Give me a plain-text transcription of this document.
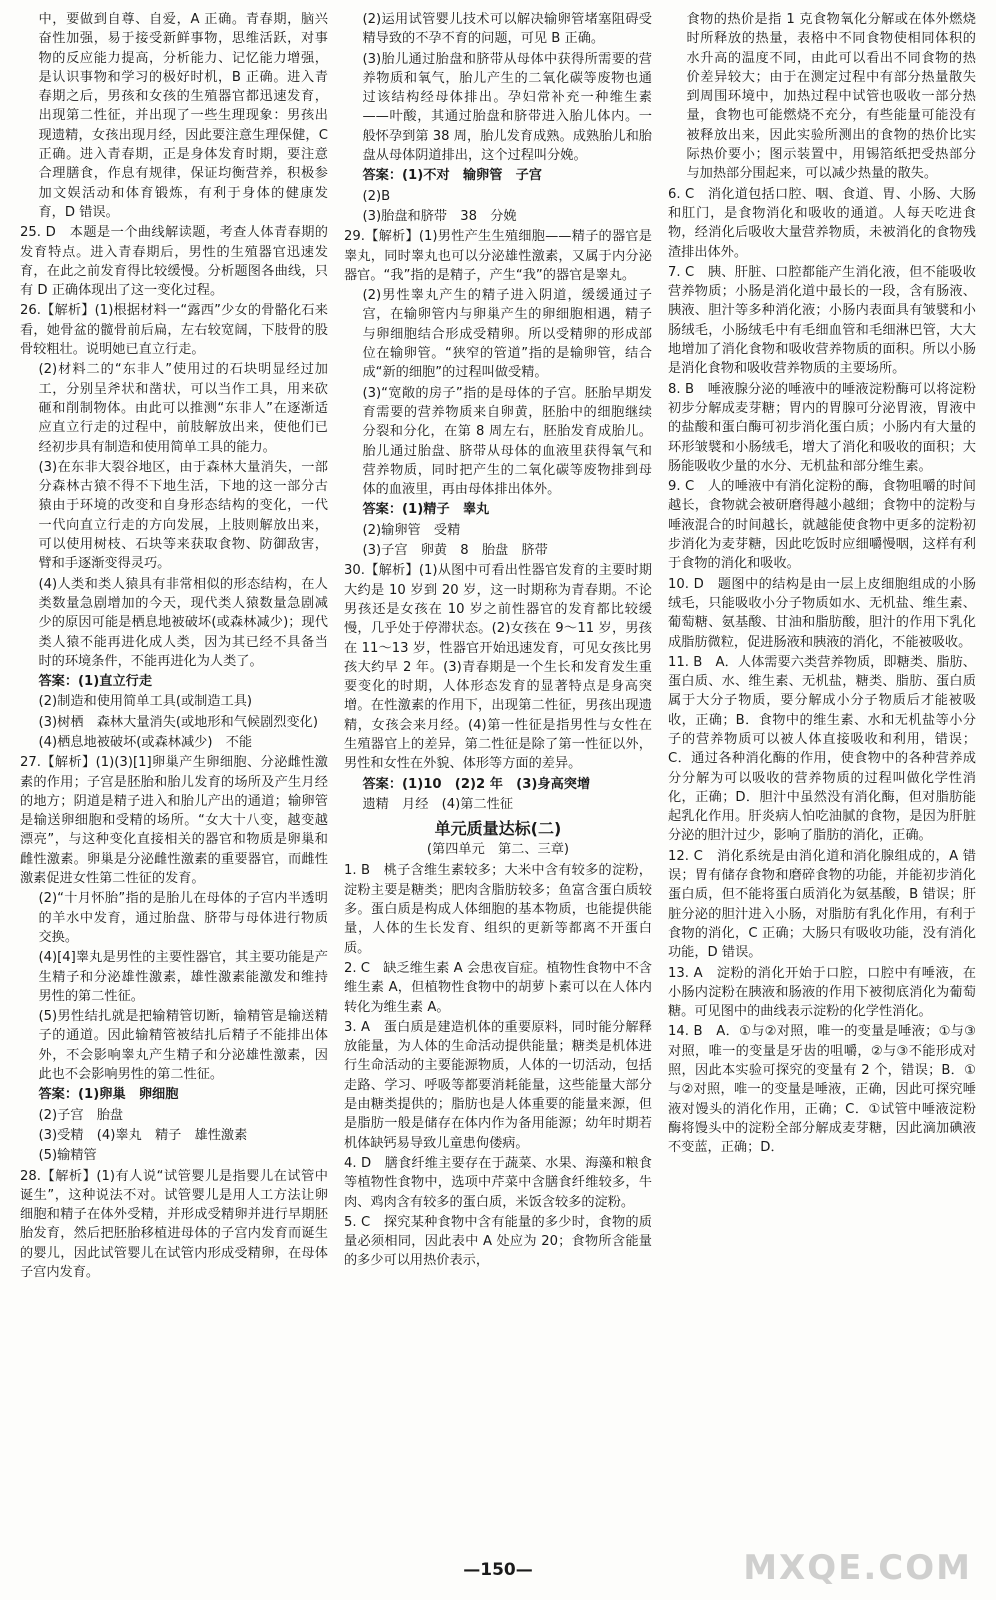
中，要做到自尊、自爱，A 正确。青春期，脑兴奋性加强，易于接受新鲜事物，思维活跃，对事物的反应能力提高，分析能力、记忆能力增强，是认识事物和学习的极好时机，B 正确。进入青春期之后，男孩和女孩的生殖器官都迅速发育，出现第二性征，并出现了一些生理现象：男孩出现遗精，女孩出现月经，因此要注意生理保健，C 正确。进入青春期，正是身体发育时期，要注意合理膳食，作息有规律，保证均衡营养，积极参加文娱活动和体育锻炼，有利于身体的健康发育，D 错误。

25. D　本题是一个曲线解读题，考查人体青春期的发育特点。进入青春期后，男性的生殖器官迅速发育，在此之前发育得比较缓慢。分析题图各曲线，只有 D 正确体现出了这一变化过程。

26.【解析】(1)根据材料一“露西”少女的骨骼化石来看，她骨盆的髋骨前后扁，左右较宽阔，下肢骨的股骨较粗壮。说明她已直立行走。

(2)材料二的“东非人”使用过的石块明显经过加工，分别呈斧状和凿状，可以当作工具，用来砍砸和削制物体。由此可以推测“东非人”在逐渐适应直立行走的过程中，前肢解放出来，使他们已经初步具有制造和使用简单工具的能力。

(3)在东非大裂谷地区，由于森林大量消失，一部分森林古猿不得不下地生活，下地的这一部分古猿由于环境的改变和自身形态结构的变化，一代一代向直立行走的方向发展，上肢则解放出来，可以使用树枝、石块等来获取食物、防御敌害，臂和手逐渐变得灵巧。

(4)人类和类人猿具有非常相似的形态结构，在人类数量急剧增加的今天，现代类人猿数量急剧减少的原因可能是栖息地被破坏(或森林减少)；现代类人猿不能再进化成人类，因为其已经不具备当时的环境条件，不能再进化为人类了。

答案：(1)直立行走

(2)制造和使用简单工具(或制造工具)

(3)树栖　森林大量消失(或地形和气候剧烈变化)

(4)栖息地被破坏(或森林减少)　不能

27.【解析】(1)(3)[1]卵巢产生卵细胞、分泌雌性激素的作用；子宫是胚胎和胎儿发育的场所及产生月经的地方；阴道是精子进入和胎儿产出的通道；输卵管是输送卵细胞和受精的场所。“女大十八变，越变越漂亮”，与这种变化直接相关的器官和物质是卵巢和雌性激素。卵巢是分泌雌性激素的重要器官，而雌性激素促进女性第二性征的发育。

(2)“十月怀胎”指的是胎儿在母体的子宫内半透明的羊水中发育，通过胎盘、脐带与母体进行物质交换。

(4)[4]睾丸是男性的主要性器官，其主要功能是产生精子和分泌雄性激素，雄性激素能激发和维持男性的第二性征。

(5)男性结扎就是把输精管切断，输精管是输送精子的通道。因此输精管被结扎后精子不能排出体外，不会影响睾丸产生精子和分泌雄性激素，因此也不会影响男性的第二性征。

答案：(1)卵巢　卵细胞

(2)子宫　胎盘

(3)受精　(4)睾丸　精子　雄性激素

(5)输精管

28.【解析】(1)有人说“试管婴儿是指婴儿在试管中诞生”，这种说法不对。试管婴儿是用人工方法让卵细胞和精子在体外受精，并形成受精卵并进行早期胚胎发育，然后把胚胎移植进母体的子宫内发育而诞生的婴儿，因此试管婴儿在试管内形成受精卵，在母体子宫内发育。

(2)运用试管婴儿技术可以解决输卵管堵塞阻碍受精导致的不孕不育的问题，可见 B 正确。

(3)胎儿通过胎盘和脐带从母体中获得所需要的营养物质和氧气，胎儿产生的二氧化碳等废物也通过该结构经母体排出。孕妇常补充一种维生素——叶酸，其通过胎盘和脐带进入胎儿体内。一般怀孕到第 38 周，胎儿发育成熟。成熟胎儿和胎盘从母体阴道排出，这个过程叫分娩。

答案：(1)不对　输卵管　子宫

(2)B

(3)胎盘和脐带　38　分娩

29.【解析】(1)男性产生生殖细胞——精子的器官是睾丸，同时睾丸也可以分泌雄性激素，又属于内分泌器官。“我”指的是精子，产生“我”的器官是睾丸。

(2)男性睾丸产生的精子进入阴道，缓缓通过子宫，在输卵管内与卵巢产生的卵细胞相遇，精子与卵细胞结合形成受精卵。所以受精卵的形成部位在输卵管。“狭窄的管道”指的是输卵管，结合成“新的细胞”的过程叫做受精。

(3)“宽敞的房子”指的是母体的子宫。胚胎早期发育需要的营养物质来自卵黄，胚胎中的细胞继续分裂和分化，在第 8 周左右，胚胎发育成胎儿。胎儿通过胎盘、脐带从母体的血液里获得氧气和营养物质，同时把产生的二氧化碳等废物排到母体的血液里，再由母体排出体外。

答案：(1)精子　睾丸

(2)输卵管　受精

(3)子宫　卵黄　8　胎盘　脐带

30.【解析】(1)从图中可看出性器官发育的主要时期大约是 10 岁到 20 岁，这一时期称为青春期。不论男孩还是女孩在 10 岁之前性器官的发育都比较缓慢，几乎处于停滞状态。(2)女孩在 9～11 岁，男孩在 11～13 岁，性器官开始迅速发育，可见女孩比男孩大约早 2 年。(3)青春期是一个生长和发育发生重要变化的时期，人体形态发育的显著特点是身高突增。在性激素的作用下，出现第二性征，男孩出现遗精，女孩会来月经。(4)第一性征是指男性与女性在生殖器官上的差异，第二性征是除了第一性征以外，男性和女性在外貌、体形等方面的差异。

答案：(1)10　(2)2 年　(3)身高突增

遗精　月经　(4)第二性征

单元质量达标(二)
(第四单元　第二、三章)

1. B　桃子含维生素较多；大米中含有较多的淀粉，淀粉主要是糖类；肥肉含脂肪较多；鱼富含蛋白质较多。蛋白质是构成人体细胞的基本物质，也能提供能量，人体的生长发育、组织的更新等都离不开蛋白质。

2. C　缺乏维生素 A 会患夜盲症。植物性食物中不含维生素 A，但植物性食物中的胡萝卜素可以在人体内转化为维生素 A。

3. A　蛋白质是建造机体的重要原料，同时能分解释放能量，为人体的生命活动提供能量；糖类是机体进行生命活动的主要能源物质，人体的一切活动，包括走路、学习、呼吸等都要消耗能量，这些能量大部分是由糖类提供的；脂肪也是人体重要的能量来源，但是脂肪一般是储存在体内作为备用能源；幼年时期若机体缺钙易导致儿童患佝偻病。

4. D　膳食纤维主要存在于蔬菜、水果、海藻和粮食等植物性食物中，选项中芹菜中含膳食纤维较多，牛肉、鸡肉含有较多的蛋白质，米饭含较多的淀粉。

5. C　探究某种食物中含有能量的多少时，食物的质量必须相同，因此表中 A 处应为 20；食物所含能量的多少可以用热价表示，

食物的热价是指 1 克食物氧化分解或在体外燃烧时所释放的热量，表格中不同食物使相同体积的水升高的温度不同，由此可以看出不同食物的热价差异较大；由于在测定过程中有部分热量散失到周围环境中，加热过程中试管也吸收一部分热量，食物也可能燃烧不充分，有些能量可能没有被释放出来，因此实验所测出的食物的热价比实际热价要小；图示装置中，用锡箔纸把受热部分与加热部分围起来，可以减少热量的散失。

6. C　消化道包括口腔、咽、食道、胃、小肠、大肠和肛门，是食物消化和吸收的通道。人每天吃进食物，经消化后吸收大量营养物质，未被消化的食物残渣排出体外。

7. C　胰、肝脏、口腔都能产生消化液，但不能吸收营养物质；小肠是消化道中最长的一段，含有肠液、胰液、胆汁等多种消化液；小肠内表面具有皱襞和小肠绒毛，小肠绒毛中有毛细血管和毛细淋巴管，大大地增加了消化食物和吸收营养物质的面积。所以小肠是消化食物和吸收营养物质的主要场所。

8. B　唾液腺分泌的唾液中的唾液淀粉酶可以将淀粉初步分解成麦芽糖；胃内的胃腺可分泌胃液，胃液中的盐酸和蛋白酶可初步消化蛋白质；小肠内有大量的环形皱襞和小肠绒毛，增大了消化和吸收的面积；大肠能吸收少量的水分、无机盐和部分维生素。

9. C　人的唾液中有消化淀粉的酶，食物咀嚼的时间越长，食物就会被研磨得越小越细；食物中的淀粉与唾液混合的时间越长，就越能使食物中更多的淀粉初步消化为麦芽糖，因此吃饭时应细嚼慢咽，这样有利于食物的消化和吸收。

10. D　题图中的结构是由一层上皮细胞组成的小肠绒毛，只能吸收小分子物质如水、无机盐、维生素、葡萄糖、氨基酸、甘油和脂肪酸，胆汁的作用下乳化成脂肪微粒，促进肠液和胰液的消化，不能被吸收。

11. B　A．人体需要六类营养物质，即糖类、脂肪、蛋白质、水、维生素、无机盐，糖类、脂肪、蛋白质属于大分子物质，要分解成小分子物质后才能被吸收，正确；B．食物中的维生素、水和无机盐等小分子的营养物质可以被人体直接吸收和利用，错误；C．通过各种消化酶的作用，使食物中的各种营养成分分解为可以吸收的营养物质的过程叫做化学性消化，正确；D．胆汁中虽然没有消化酶，但对脂肪能起乳化作用。肝炎病人怕吃油腻的食物，是因为肝脏分泌的胆汁过少，影响了脂肪的消化，正确。

12. C　消化系统是由消化道和消化腺组成的，A 错误；胃有储存食物和磨碎食物的功能，并能初步消化蛋白质，但不能将蛋白质消化为氨基酸，B 错误；肝脏分泌的胆汁进入小肠，对脂肪有乳化作用，有利于食物的消化，C 正确；大肠只有吸收功能，没有消化功能，D 错误。

13. A　淀粉的消化开始于口腔，口腔中有唾液，在小肠内淀粉在胰液和肠液的作用下被彻底消化为葡萄糖。可见图中的曲线表示淀粉的化学性消化。

14. B　A．①与②对照，唯一的变量是唾液；①与③对照，唯一的变量是牙齿的咀嚼，②与③不能形成对照，因此本实验可探究的变量有 2 个，错误；B．①与②对照，唯一的变量是唾液，正确，因此可探究唾液对馒头的消化作用，正确；C．①试管中唾液淀粉酶将馒头中的淀粉全部分解成麦芽糖，因此滴加碘液不变蓝，正确；D．

—150—	MXQE.COM
